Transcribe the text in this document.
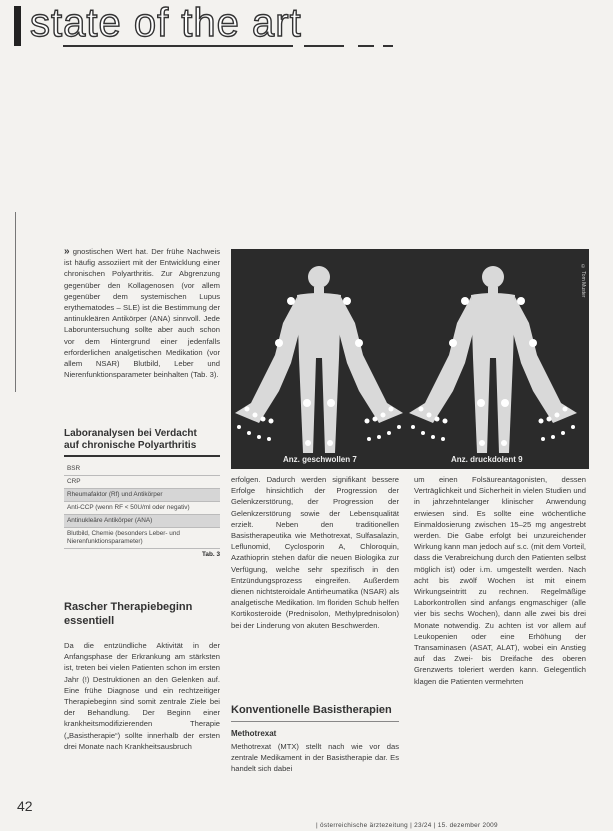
state of the art

» gnostischen Wert hat. Der frühe Nachweis ist häufig assoziiert mit der Entwicklung einer chronischen Polyarthritis. Zur Abgrenzung gegenüber den Kollagenosen (vor allem gegenüber dem systemischen Lupus erythematodes – SLE) ist die Bestimmung der antinukleären Antikörper (ANA) sinnvoll. Jede Laboruntersuchung sollte aber auch schon vor dem Hintergrund einer jedenfalls erforderlichen analgetischen Medikation (vor allem NSAR) Blutbild, Leber und Nierenfunktionsparameter beinhalten (Tab. 3).

Anz. geschwollen 7	Anz. druckdolent 9
© Tom Muster
Laboranalysen bei Verdacht
auf chronische Polyarthritis
BSR
CRP
Rheumafaktor (Rf) und Antikörper
Anti-CCP (wenn RF < 50U/ml oder negativ)
Antinukleäre Antikörper (ANA)
Blutbild, Chemie (besonders Leber- und Nierenfunktionsparameter)
Tab. 3
Rascher Therapiebeginn
essentiell

Da die entzündliche Aktivität in der Anfangsphase der Erkrankung am stärksten ist, treten bei vielen Patienten schon im ersten Jahr (!) Destruktionen an den Gelenken auf. Eine frühe Diagnose und ein rechtzeitiger Therapiebeginn sind somit zentrale Ziele bei der Behandlung. Der Beginn einer krankheitsmodifizierenden Therapie („Basistherapie“) sollte innerhalb der ersten drei Monate nach Krankheitsausbruch

erfolgen. Dadurch werden signifikant bessere Erfolge hinsichtlich der Progression der Gelenkzerstörung, der Progression der Gelenkzerstörung sowie der Lebensqualität erzielt. Neben den traditionellen Basistherapeutika wie Methotrexat, Sulfasalazin, Leflunomid, Cyclosporin A, Chloroquin, Azathioprin stehen dafür die neuen Biologika zur Verfügung, welche sehr spezifisch in den Entzündungsprozess eingreifen. Außerdem dienen nichtsteroidale Antirheumatika (NSAR) als analgetische Medikation. Im floriden Schub helfen Kortikosteroide (Prednisolon, Methylprednisolon) bei der Linderung von akuten Beschwerden.

Konventionelle Basistherapien
Methotrexat

Methotrexat (MTX) stellt nach wie vor das zentrale Medikament in der Basistherapie dar. Es handelt sich dabei

um einen Folsäureantagonisten, dessen Verträglichkeit und Sicherheit in vielen Studien und in jahrzehntelanger klinischer Anwendung erwiesen sind. Es sollte eine wöchentliche Einmaldosierung zwischen 15–25 mg angestrebt werden. Die Gabe erfolgt bei unzureichender Wirkung kann man jedoch auf s.c. (mit dem Vorteil, dass die Verabreichung durch den Patienten selbst möglich ist) oder i.m. umgestellt werden. Nach acht bis zwölf Wochen ist mit einem Wirkungseintritt zu rechnen. Regelmäßige Laborkontrollen sind anfangs engmaschiger (alle vier bis sechs Wochen), dann alle zwei bis drei Monate notwendig. Zu achten ist vor allem auf Leukopenien oder eine Erhöhung der Transaminasen (ASAT, ALAT), wobei ein Anstieg auf das Zwei- bis Dreifache des oberen Grenzwerts toleriert werden kann. Gelegentlich klagen die Patienten vermehrten

42
| österreichische ärztezeitung | 23/24 | 15. dezember 2009
